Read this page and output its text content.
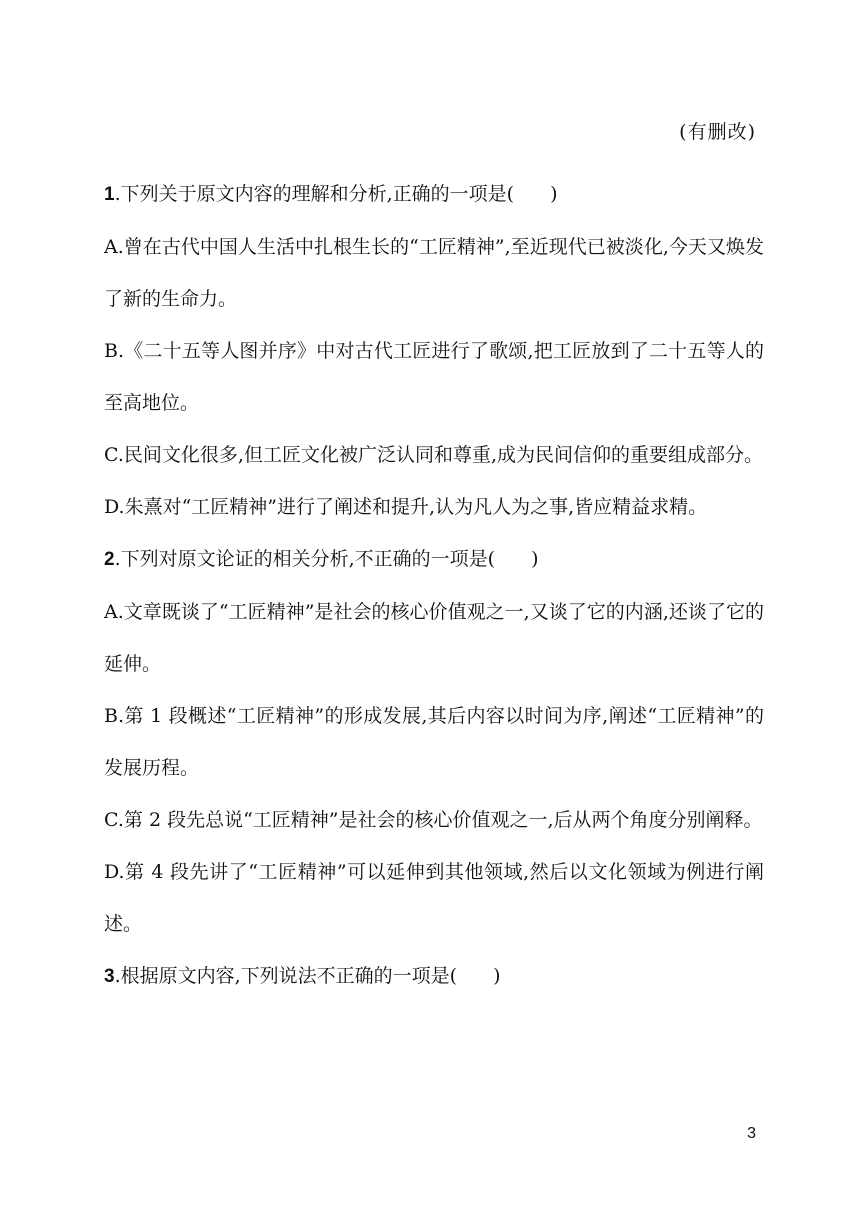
(有删改)
1.下列关于原文内容的理解和分析,正确的一项是( )
A.曾在古代中国人生活中扎根生长的“工匠精神”,至近现代已被淡化,今天又焕发了新的生命力。
B.《二十五等人图并序》中对古代工匠进行了歌颂,把工匠放到了二十五等人的至高地位。
C.民间文化很多,但工匠文化被广泛认同和尊重,成为民间信仰的重要组成部分。
D.朱熹对“工匠精神”进行了阐述和提升,认为凡人为之事,皆应精益求精。
2.下列对原文论证的相关分析,不正确的一项是( )
A.文章既谈了“工匠精神”是社会的核心价值观之一,又谈了它的内涵,还谈了它的延伸。
B.第 1 段概述“工匠精神”的形成发展,其后内容以时间为序,阐述“工匠精神”的发展历程。
C.第 2 段先总说“工匠精神”是社会的核心价值观之一,后从两个角度分别阐释。
D.第 4 段先讲了“工匠精神”可以延伸到其他领域,然后以文化领域为例进行阐述。
3.根据原文内容,下列说法不正确的一项是( )
3
